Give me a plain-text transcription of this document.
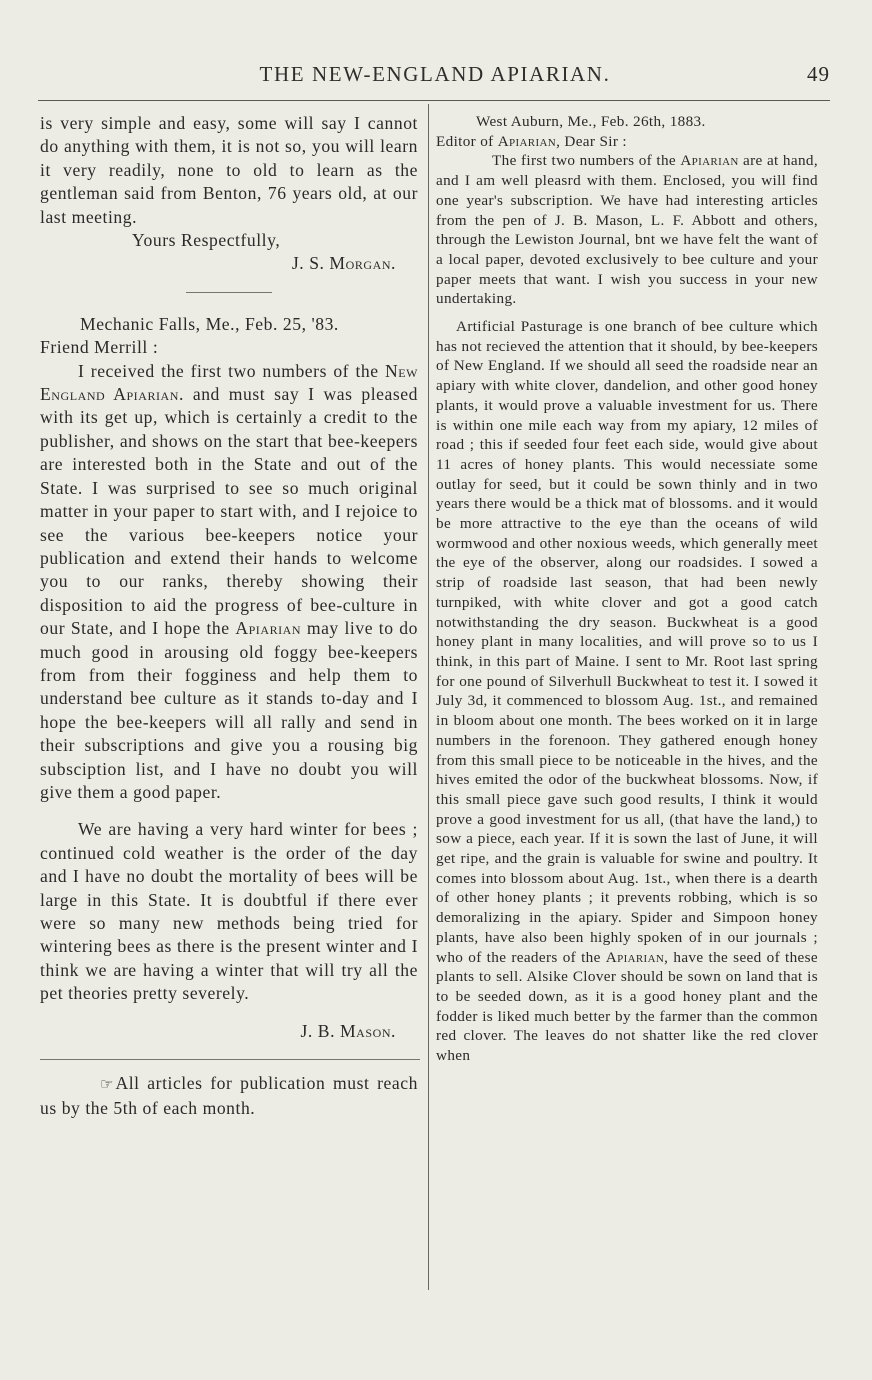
THE NEW-ENGLAND APIARIAN.	49

is very simple and easy, some will say I cannot do anything with them, it is not so, you will learn it very readily, none to old to learn as the gentleman said from Benton, 76 years old, at our last meeting.

Yours Respectfully,

J. S. Morgan.

Mechanic Falls, Me., Feb. 25, '83.

Friend Merrill :

I received the first two numbers of the New England Apiarian. and must say I was pleased with its get up, which is certainly a credit to the publisher, and shows on the start that bee-keepers are interested both in the State and out of the State. I was surprised to see so much original matter in your paper to start with, and I rejoice to see the various bee-keepers notice your publication and extend their hands to welcome you to our ranks, thereby showing their disposition to aid the progress of bee-culture in our State, and I hope the Apiarian may live to do much good in arousing old foggy bee-keepers from from their fogginess and help them to understand bee culture as it stands to-day and I hope the bee-keepers will all rally and send in their subscriptions and give you a rousing big subsciption list, and I have no doubt you will give them a good paper.

We are having a very hard winter for bees ; continued cold weather is the order of the day and I have no doubt the mortality of bees will be large in this State. It is doubtful if there ever were so many new methods being tried for wintering bees as there is the present winter and I think we are having a winter that will try all the pet theories pretty severely.

J. B. Mason.

☞ All articles for publication must reach us by the 5th of each month.

West Auburn, Me., Feb. 26th, 1883.

Editor of Apiarian, Dear Sir :

The first two numbers of the Apiarian are at hand, and I am well pleasrd with them. Enclosed, you will find one year's subscription. We have had interesting articles from the pen of J. B. Mason, L. F. Abbott and others, through the Lewiston Journal, bnt we have felt the want of a local paper, devoted exclusively to bee culture and your paper meets that want. I wish you success in your new undertaking.

Artificial Pasturage is one branch of bee culture which has not recieved the attention that it should, by bee-keepers of New England. If we should all seed the roadside near an apiary with white clover, dandelion, and other good honey plants, it would prove a valuable investment for us. There is within one mile each way from my apiary, 12 miles of road ; this if seeded four feet each side, would give about 11 acres of honey plants. This would necessiate some outlay for seed, but it could be sown thinly and in two years there would be a thick mat of blossoms. and it would be more attractive to the eye than the oceans of wild wormwood and other noxious weeds, which generally meet the eye of the observer, along our roadsides. I sowed a strip of roadside last season, that had been newly turnpiked, with white clover and got a good catch notwithstanding the dry season. Buckwheat is a good honey plant in many localities, and will prove so to us I think, in this part of Maine. I sent to Mr. Root last spring for one pound of Silverhull Buckwheat to test it. I sowed it July 3d, it commenced to blossom Aug. 1st., and remained in bloom about one month. The bees worked on it in large numbers in the forenoon. They gathered enough honey from this small piece to be noticeable in the hives, and the hives emited the odor of the buckwheat blossoms. Now, if this small piece gave such good results, I think it would prove a good investment for us all, (that have the land,) to sow a piece, each year. If it is sown the last of June, it will get ripe, and the grain is valuable for swine and poultry. It comes into blossom about Aug. 1st., when there is a dearth of other honey plants ; it prevents robbing, which is so demoralizing in the apiary. Spider and Simpoon honey plants, have also been highly spoken of in our journals ; who of the readers of the Apiarian, have the seed of these plants to sell. Alsike Clover should be sown on land that is to be seeded down, as it is a good honey plant and the fodder is liked much better by the farmer than the common red clover. The leaves do not shatter like the red clover when
